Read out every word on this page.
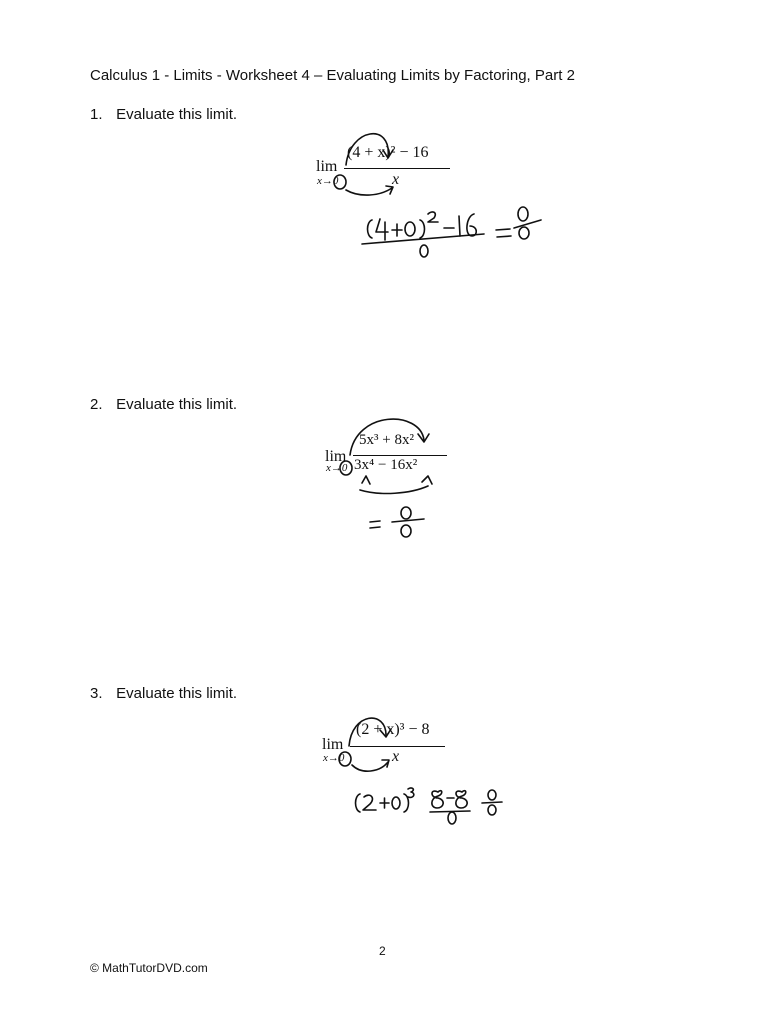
Calculus 1 - Limits - Worksheet 4 – Evaluating Limits by Factoring, Part 2
1. Evaluate this limit.
lim
x→0
(4 + x)² − 16
x
2. Evaluate this limit.
lim
x→0
5x³ + 8x²
3x⁴ − 16x²
3. Evaluate this limit.
lim
x→0
(2 + x)³ − 8
x
2
© MathTutorDVD.com
